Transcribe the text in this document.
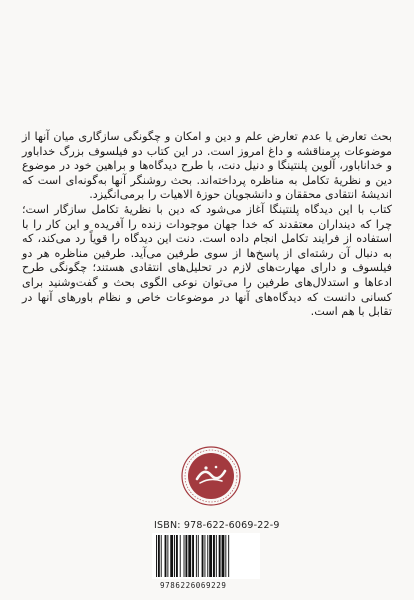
بحث تعارض یا عدم تعارض علم و دین و امکان و چگونگی سازگاری میان آنها از موضوعات پرمناقشه و داغ امروز است. در این کتاب دو فیلسوف بزرگ خداباور و خداناباور، آلوین پلنتینگا و دنیل دنت، با طرح دیدگاه‌ها و براهین خود در موضوع دین و نظریهٔ تکامل به مناظره پرداخته‌اند. بحث روشنگر آنها به‌گونه‌ای است که اندیشهٔ انتقادی محققان و دانشجویان حوزهٔ الاهیات را برمی‌انگیزد.

کتاب با این دیدگاه پلنتینگا آغاز می‌شود که دین با نظریهٔ تکامل سازگار است؛ چرا که دینداران معتقدند که خدا جهان موجودات زنده را آفریده و این کار را با استفاده از فرایند تکامل انجام داده است. دنت این دیدگاه را قویاً رد می‌کند، که به دنبال آن رشته‌ای از پاسخ‌ها از سوی طرفین می‌آید. طرفین مناظره هر دو فیلسوف و دارای مهارت‌های لازم در تحلیل‌های انتقادی هستند؛ چگونگی طرح ادعاها و استدلال‌های طرفین را می‌توان نوعی الگوی بحث و گفت‌وشنید برای کسانی دانست که دیدگاه‌های آنها در موضوعات خاص و نظام باورهای آنها در تقابل با هم است.

ISBN: 978-622-6069-22-9
9786226069229
